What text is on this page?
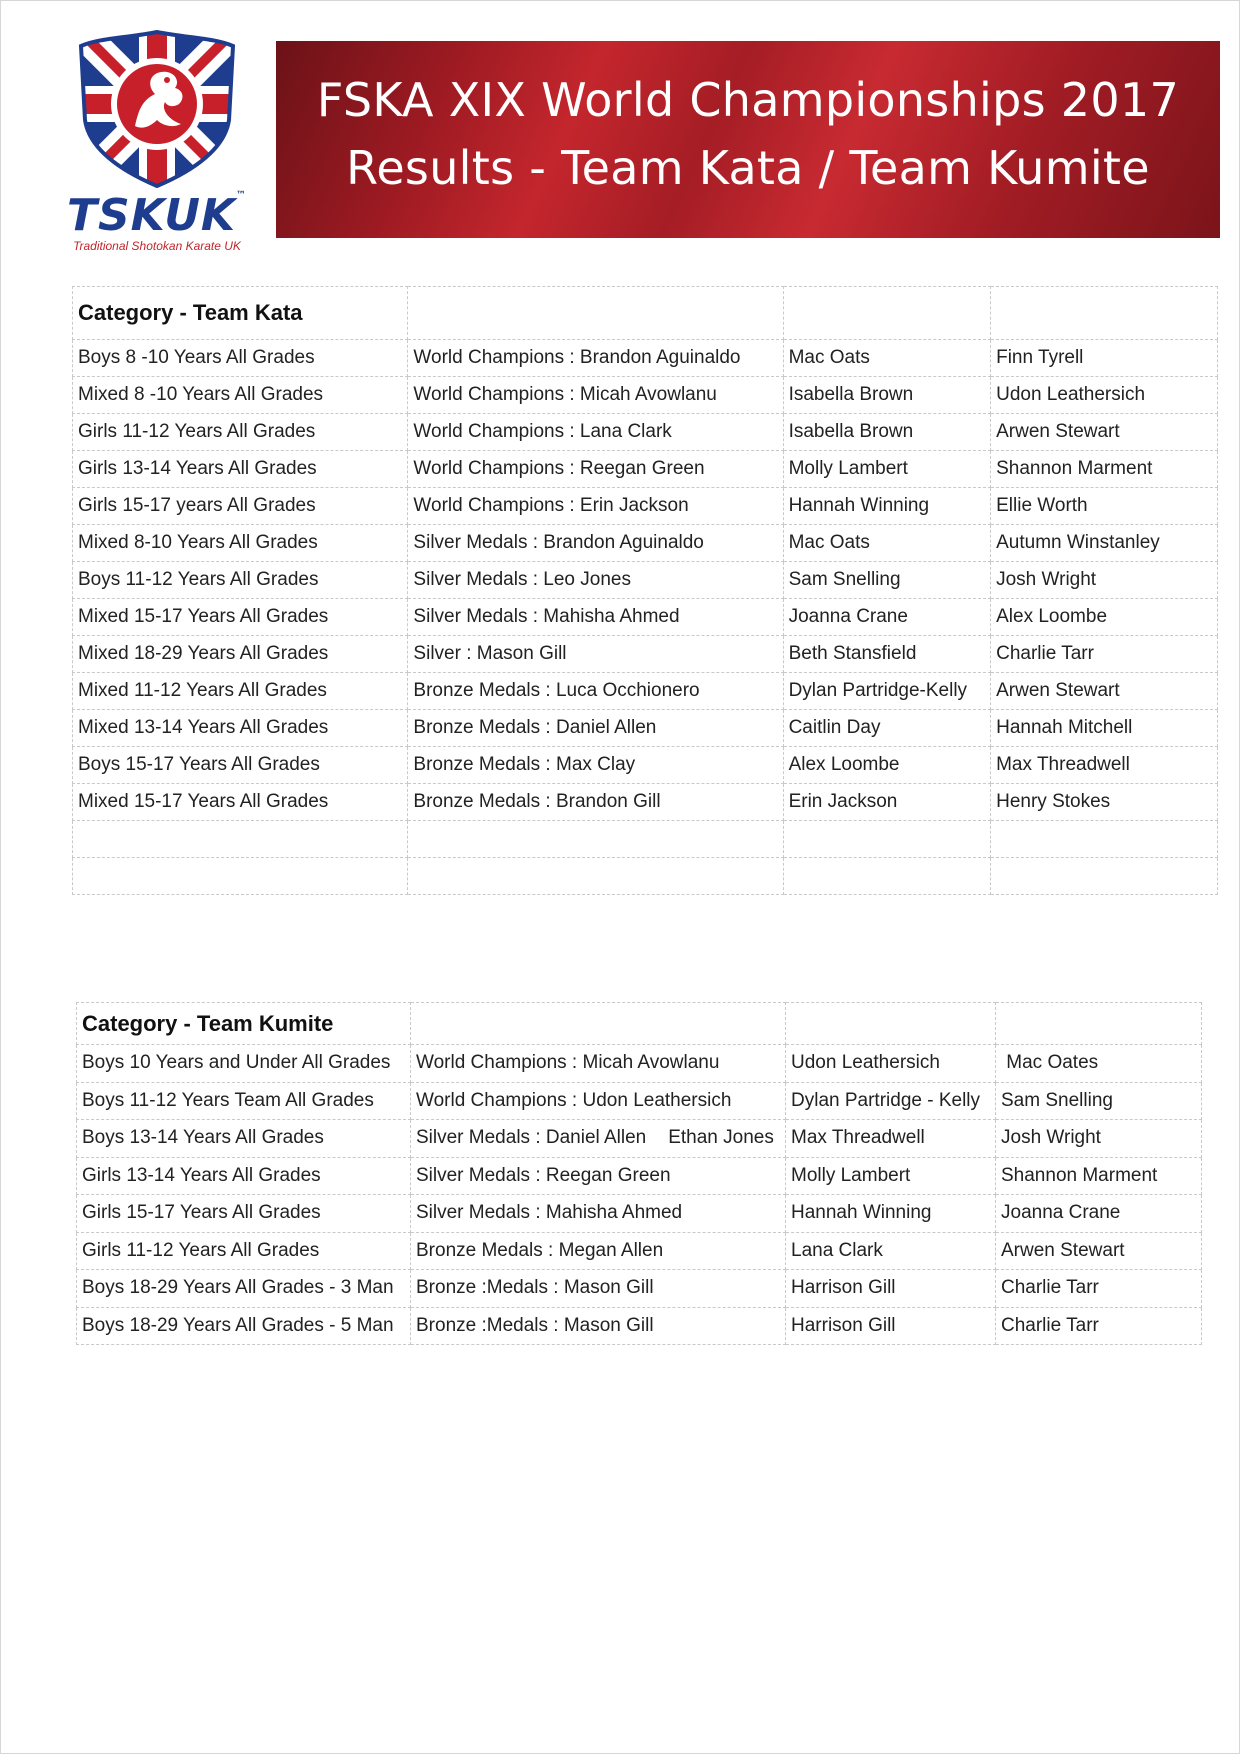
TSKUK™
Traditional Shotokan Karate UK
FSKA XIX World Championships 2017
Results - Team Kata / Team Kumite
Category - Team Kata			
Boys 8 -10 Years All Grades	World Champions : Brandon Aguinaldo	Mac Oats	Finn Tyrell
Mixed 8 -10 Years All Grades	World Champions : Micah Avowlanu	Isabella Brown	Udon Leathersich
Girls 11-12 Years All Grades	World Champions : Lana Clark	Isabella Brown	Arwen Stewart
Girls 13-14 Years All Grades	World Champions : Reegan Green	Molly Lambert	Shannon Marment
Girls 15-17 years All Grades	World Champions : Erin Jackson	Hannah Winning	Ellie Worth
Mixed 8-10 Years All Grades	Silver Medals : Brandon Aguinaldo	Mac Oats	Autumn Winstanley
Boys 11-12 Years All Grades	Silver Medals : Leo Jones	Sam Snelling	Josh Wright
Mixed 15-17 Years All Grades	Silver Medals : Mahisha Ahmed	Joanna Crane	Alex Loombe
Mixed 18-29 Years All Grades	Silver : Mason Gill	Beth Stansfield	Charlie Tarr
Mixed 11-12 Years All Grades	Bronze Medals : Luca Occhionero	Dylan Partridge-Kelly	Arwen Stewart
Mixed 13-14 Years All Grades	Bronze Medals : Daniel Allen	Caitlin Day	Hannah Mitchell
Boys 15-17 Years All Grades	Bronze Medals : Max Clay	Alex Loombe	Max Threadwell
Mixed 15-17 Years All Grades	Bronze Medals : Brandon Gill	Erin Jackson	Henry Stokes

Category - Team Kumite			
Boys 10 Years and Under All Grades	World Champions : Micah Avowlanu	Udon Leathersich	Mac Oates
Boys 11-12 Years Team All Grades	World Champions : Udon Leathersich	Dylan Partridge - Kelly	Sam Snelling
Boys 13-14 Years All Grades	Silver Medals : Daniel Allen Ethan Jones	Max Threadwell	Josh Wright
Girls 13-14 Years All Grades	Silver Medals : Reegan Green	Molly Lambert	Shannon Marment
Girls 15-17 Years All Grades	Silver Medals : Mahisha Ahmed	Hannah Winning	Joanna Crane
Girls 11-12 Years All Grades	Bronze Medals : Megan Allen	Lana Clark	Arwen Stewart
Boys 18-29 Years All Grades - 3 Man	Bronze :Medals : Mason Gill	Harrison Gill	Charlie Tarr
Boys 18-29 Years All Grades - 5 Man	Bronze :Medals : Mason Gill	Harrison Gill	Charlie Tarr
